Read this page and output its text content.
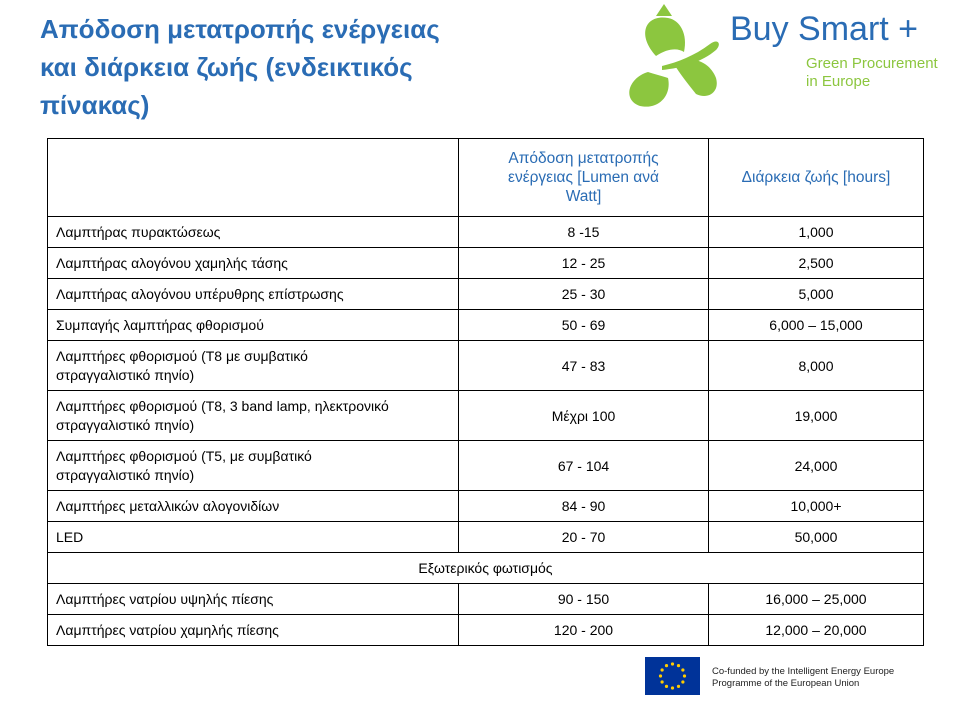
Απόδοση μετατροπής ενέργειας
και διάρκεια ζωής (ενδεικτικός
πίνακας)
Buy Smart +
Green Procurement
in Europe

	Απόδοση μετατροπής
ενέργειας [Lumen ανά
Watt]	Διάρκεια ζωής [hours]

Λαμπτήρας πυρακτώσεως	8 -15	1,000

Λαμπτήρας αλογόνου χαμηλής τάσης	12 - 25	2,500

Λαμπτήρας αλογόνου υπέρυθρης επίστρωσης	25 - 30	5,000

Συμπαγής λαμπτήρας φθορισμού	50 - 69	6,000 – 15,000

Λαμπτήρες φθορισμού (T8 με συμβατικό
στραγγαλιστικό πηνίο)	47 - 83	8,000

Λαμπτήρες φθορισμού (T8, 3 band lamp, ηλεκτρονικό
στραγγαλιστικό πηνίο)	Μέχρι 100	19,000

Λαμπτήρες φθορισμού (T5, με συμβατικό
στραγγαλιστικό πηνίο)	67 - 104	24,000

Λαμπτήρες μεταλλικών αλογονιδίων	84 - 90	10,000+

LED	20 - 70	50,000
Εξωτερικός φωτισμός		

Λαμπτήρες νατρίου υψηλής πίεσης	90 - 150	16,000 – 25,000

Λαμπτήρες νατρίου χαμηλής πίεσης	120 - 200	12,000 – 20,000
Co-funded by the Intelligent Energy Europe
Programme of the European Union
